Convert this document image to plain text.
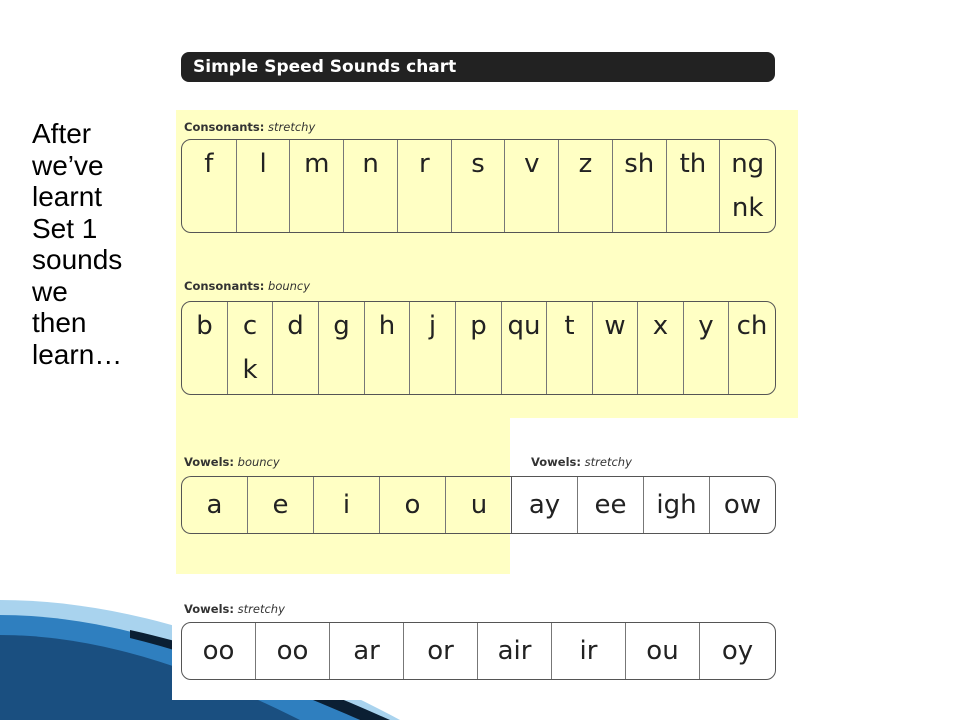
After
we’ve
learnt
Set 1
sounds
we
then
learn…
Simple Speed Sounds chart
Consonants: stretchy
f l m n r s v z sh th ng
nk
Consonants: bouncy
b c
k
d g h j p qu t w x y ch
Vowels: bouncy
a e i o u
Vowels: stretchy
ay ee igh ow
Vowels: stretchy
oo oo ar or air ir ou oy
